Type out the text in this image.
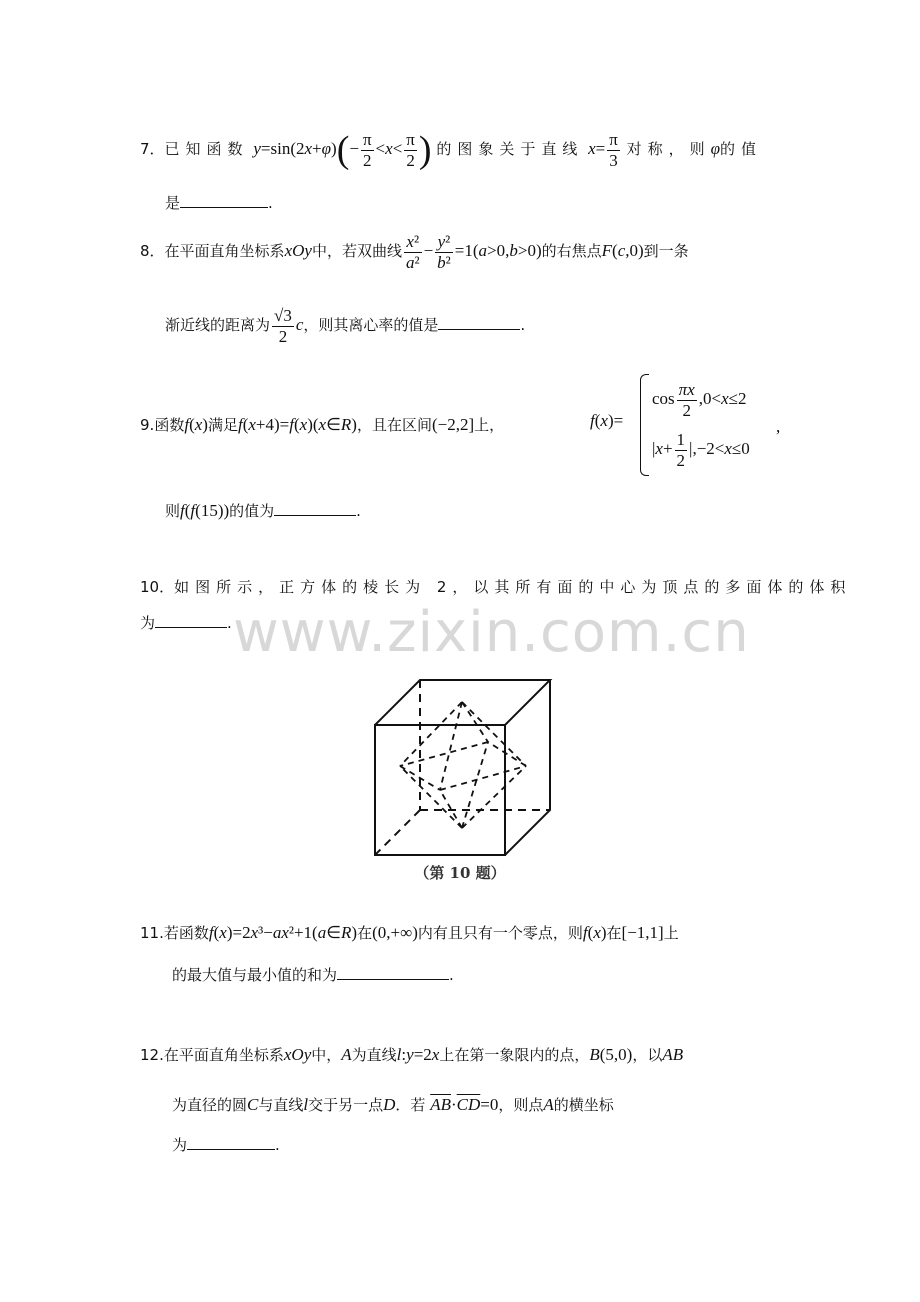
www.zixin.com.cn
7．已知函数 $y=\sin(2x+\varphi)(- \frac{\pi}{2} <x< \frac{\pi}{2}$ ) 的图象关于直线 $x= \frac{\pi}{3}$ 对称，则φ的值
是	.
8．在平面直角坐标系xOy中，若双曲线 $\frac{\text{x²}}{\text{a²}} - \frac{\text{y²}}{\text{b²}} =1(a>0,b>0)$的右焦点F(c,0)到一条
渐近线的距离为 $\frac{√3}{2}$ c，则其离心率的值是	.
9.函数f(x)满足f(x+4)=f(x)(x∈R)，且在区间(−2,2]上，	f(x)=
$\cos \frac{\pi x}{2} ,0<x\le 2$
$|x+ \frac{1}{2} |,-2<x\le 0$
,
则f(f(15))的值为	.
10．如图所示，正方体的棱长为 2，以其所有面的中心为顶点的多面体的体积
为	.
（第 10 题）
11.若函数f(x)=2x³−ax²+1(a∈R)在(0,+∞)内有且只有一个零点，则f(x)在[−1,1]上
的最大值与最小值的和为	.
12.在平面直角坐标系xOy中，A为直线l:y=2x上在第一象限内的点，B(5,0)，以AB
为直径的圆C与直线l交于另一点D．若 $\overline{AB}\cdot\overline{CD}=0$，则点A的横坐标
为	.
